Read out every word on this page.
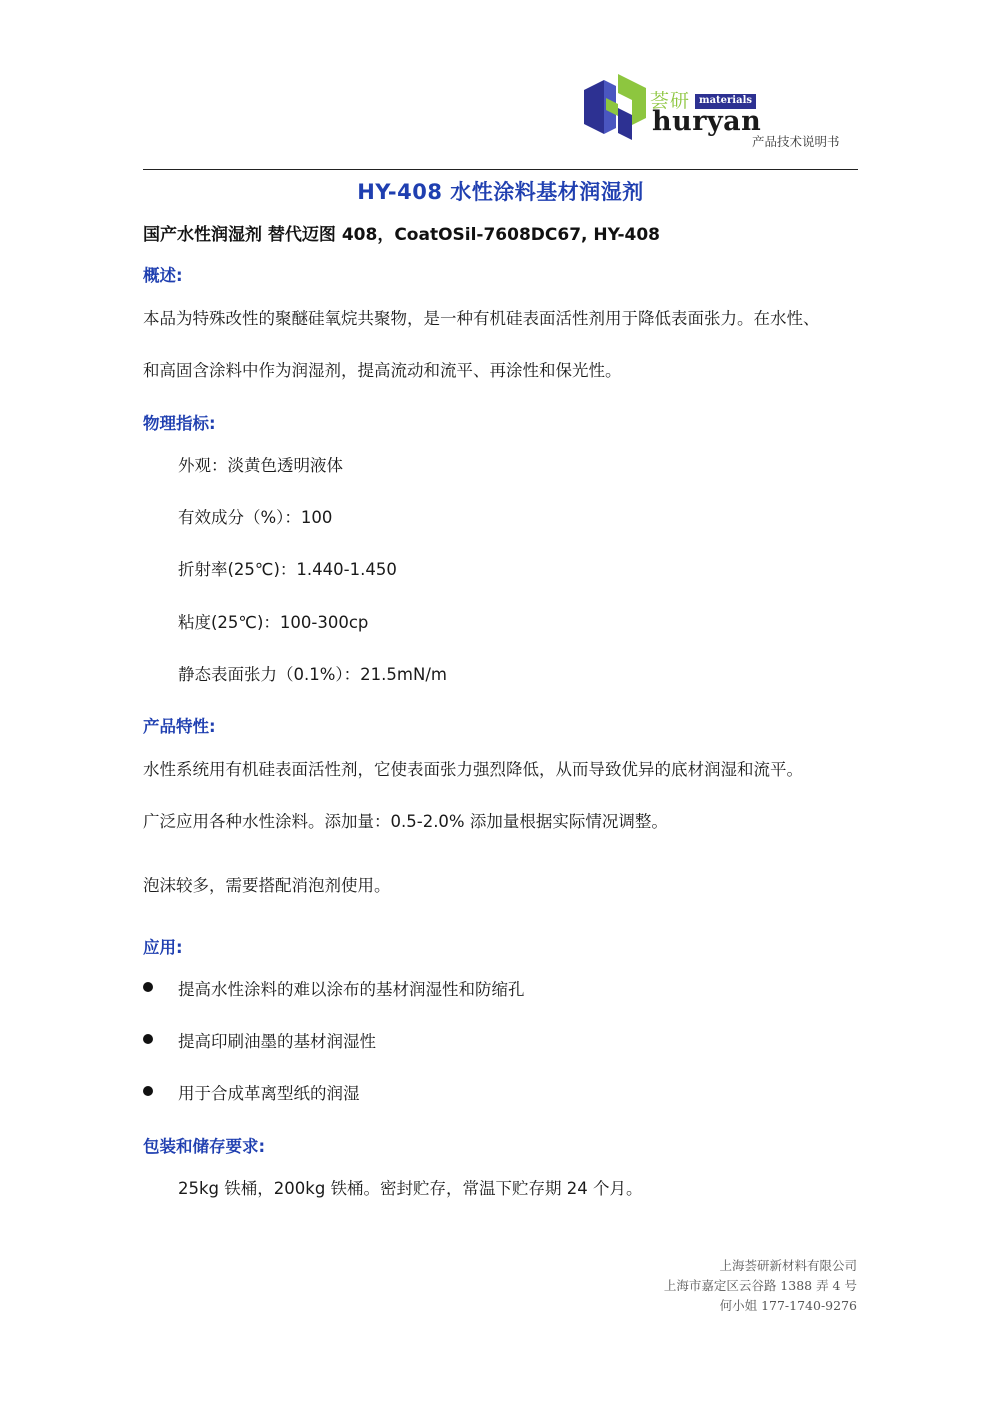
荟研 materials
huryan
产品技术说明书
HY-408 水性涂料基材润湿剂
国产水性润湿剂 替代迈图 408，CoatOSil-7608DC67, HY-408
概述:
本品为特殊改性的聚醚硅氧烷共聚物，是一种有机硅表面活性剂用于降低表面张力。在水性、
和高固含涂料中作为润湿剂，提高流动和流平、再涂性和保光性。
物理指标:
外观：淡黄色透明液体
有效成分（%）：100
折射率(25℃)：1.440-1.450
粘度(25℃)：100-300cp
静态表面张力（0.1%）：21.5mN/m
产品特性:
水性系统用有机硅表面活性剂，它使表面张力强烈降低，从而导致优异的底材润湿和流平。
广泛应用各种水性涂料。添加量：0.5-2.0% 添加量根据实际情况调整。
泡沫较多，需要搭配消泡剂使用。
应用:
提高水性涂料的难以涂布的基材润湿性和防缩孔
提高印刷油墨的基材润湿性
用于合成革离型纸的润湿
包装和储存要求:
25kg 铁桶，200kg 铁桶。密封贮存，常温下贮存期 24 个月。
上海荟研新材料有限公司
上海市嘉定区云谷路 1388 弄 4 号
何小姐 177-1740-9276
